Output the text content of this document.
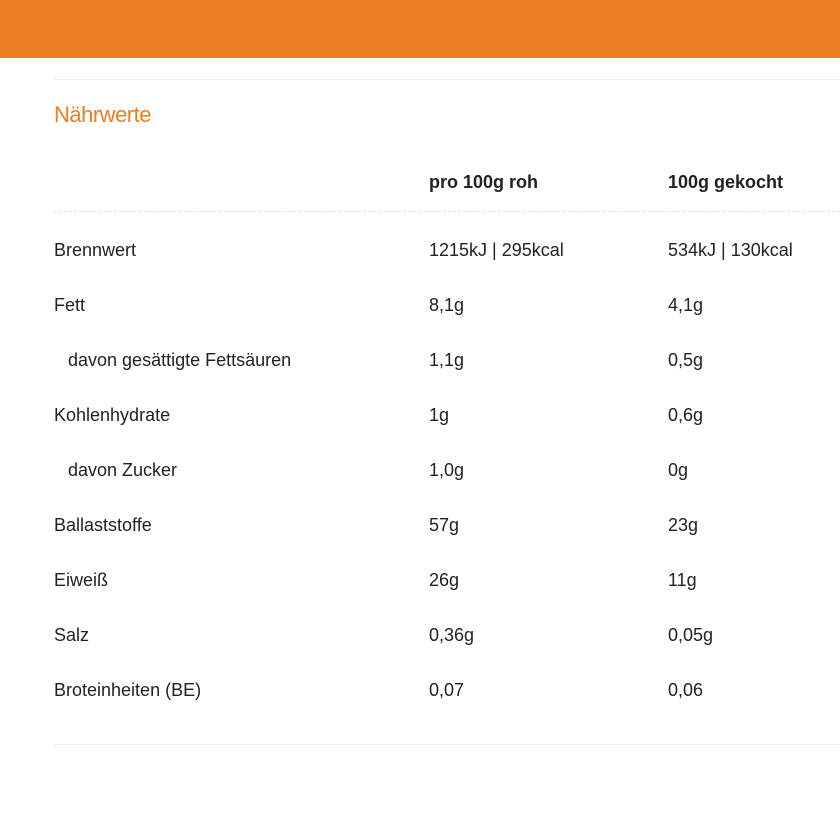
Nährwerte
pro 100g roh	100g gekocht
Brennwert	1215kJ | 295kcal	534kJ | 130kcal
Fett	8,1g	4,1g
davon gesättigte Fettsäuren	1,1g	0,5g
Kohlenhydrate	1g	0,6g
davon Zucker	1,0g	0g
Ballaststoffe	57g	23g
Eiweiß	26g	11g
Salz	0,36g	0,05g
Broteinheiten (BE)	0,07	0,06
